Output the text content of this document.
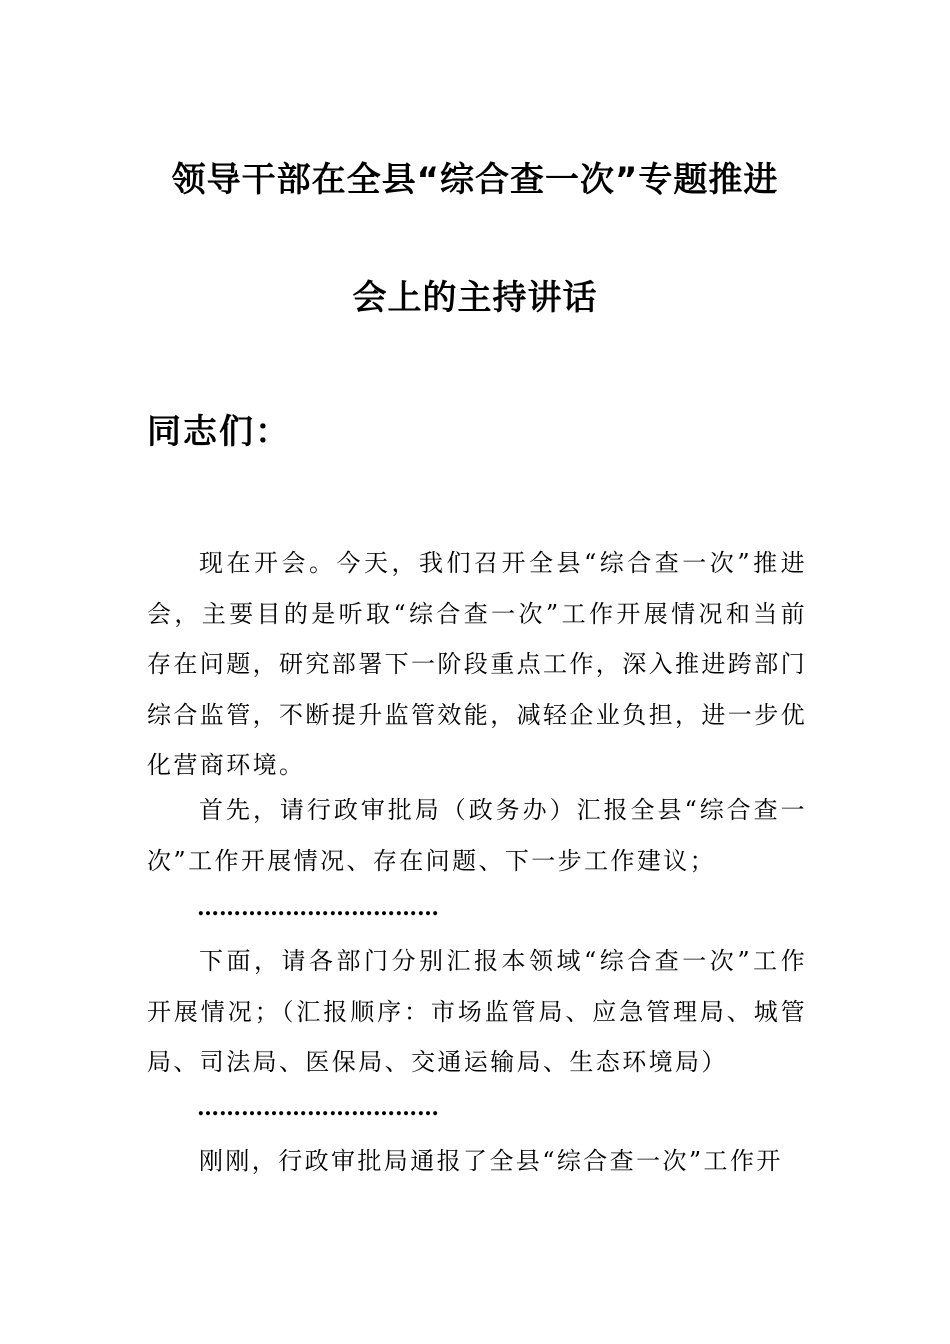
领导干部在全县“综合查一次”专题推进
会上的主持讲话
同志们：
现在开会。今天，我们召开全县“综合查一次”推进会，主要目的是听取“综合查一次”工作开展情况和当前存在问题，研究部署下一阶段重点工作，深入推进跨部门综合监管，不断提升监管效能，减轻企业负担，进一步优化营商环境。
首先，请行政审批局（政务办）汇报全县“综合查一次”工作开展情况、存在问题、下一步工作建议；
……………………………
下面，请各部门分别汇报本领域“综合查一次”工作开展情况；（汇报顺序：市场监管局、应急管理局、城管局、司法局、医保局、交通运输局、生态环境局）
……………………………
刚刚，行政审批局通报了全县“综合查一次”工作开
